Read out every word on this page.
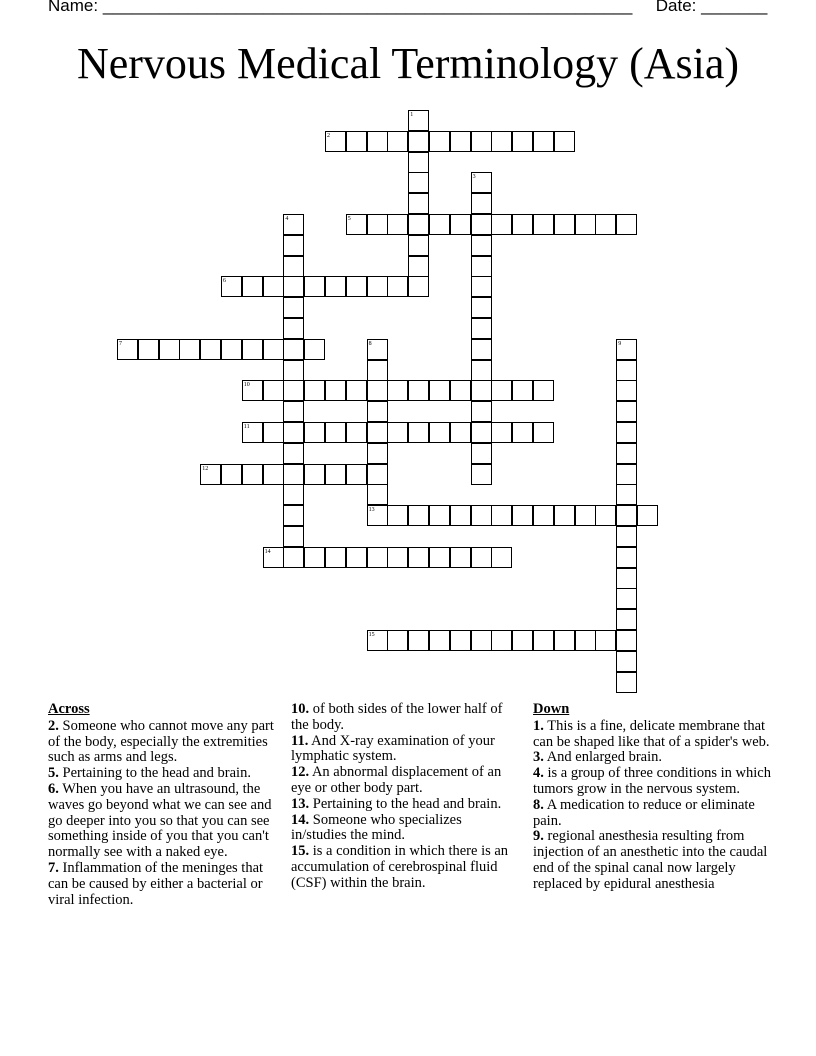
Name: ________________________________________________________ Date: _______
Nervous Medical Terminology (Asia)
1
2
3
4	5
6
7	8	9
10
11
12
13
14
15
Across

2. Someone who cannot move any part of the body, especially the extremities such as arms and legs.

5. Pertaining to the head and brain.

6. When you have an ultrasound, the waves go beyond what we can see and go deeper into you so that you can see something inside of you that you can't normally see with a naked eye.

7. Inflammation of the meninges that can be caused by either a bacterial or viral infection.

10. of both sides of the lower half of the body.

11. And X-ray examination of your lymphatic system.

12. An abnormal displacement of an eye or other body part.

13. Pertaining to the head and brain.

14. Someone who specializes in/studies the mind.

15. is a condition in which there is an accumulation of cerebrospinal fluid (CSF) within the brain.

Down

1. This is a fine, delicate membrane that can be shaped like that of a spider's web.

3. And enlarged brain.

4. is a group of three conditions in which tumors grow in the nervous system.

8. A medication to reduce or eliminate pain.

9. regional anesthesia resulting from injection of an anesthetic into the caudal end of the spinal canal now largely replaced by epidural anesthesia
